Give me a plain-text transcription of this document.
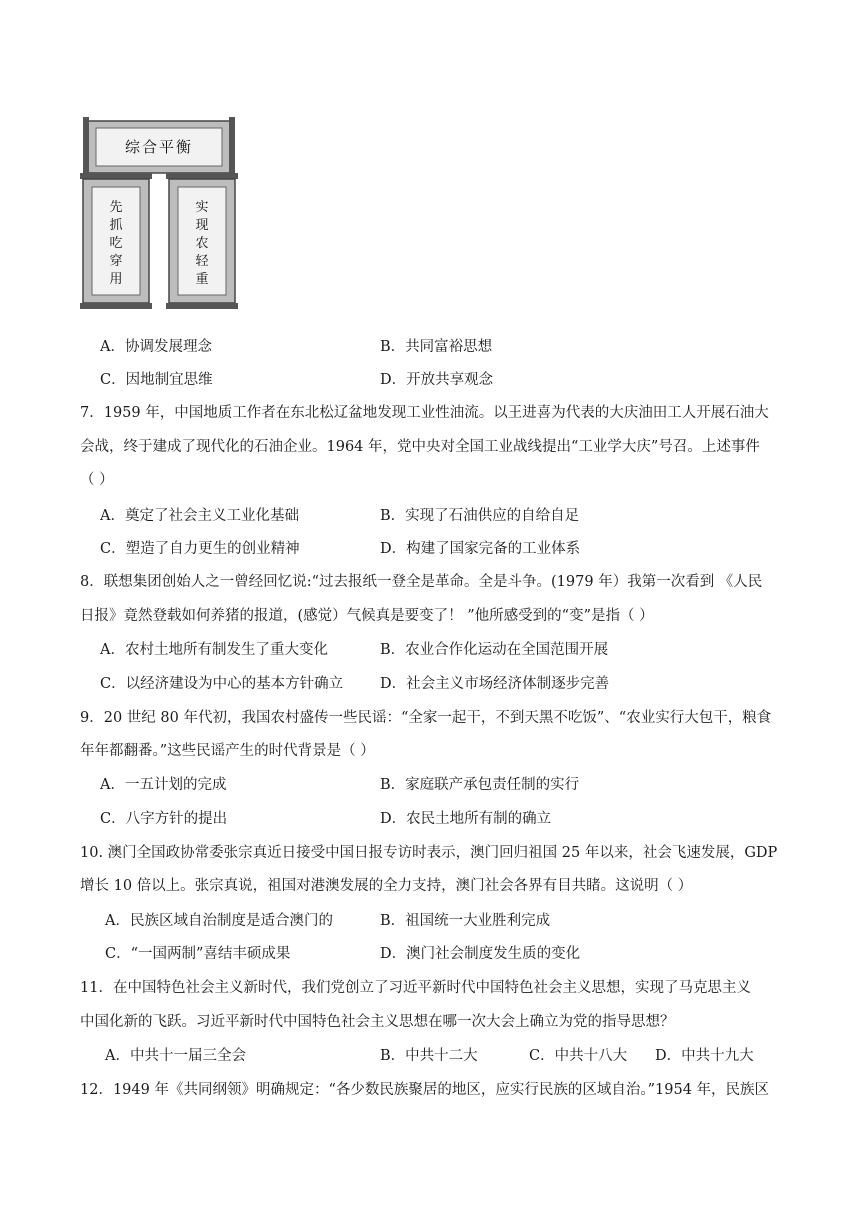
综合平衡
先
抓
吃
穿
用
实
现
农
轻
重
A．协调发展理念	B．共同富裕思想
C．因地制宜思维	D．开放共享观念
7．1959 年，中国地质工作者在东北松辽盆地发现工业性油流。以王进喜为代表的大庆油田工人开展石油大
会战，终于建成了现代化的石油企业。1964 年，党中央对全国工业战线提出“工业学大庆”号召。上述事件
（ ）
A．奠定了社会主义工业化基础	B．实现了石油供应的自给自足
C．塑造了自力更生的创业精神	D．构建了国家完备的工业体系
8．联想集团创始人之一曾经回忆说:“过去报纸一登全是革命。全是斗争。(1979 年）我第一次看到 《人民
日报》竟然登载如何养猪的报道，(感觉）气候真是要变了！ ”他所感受到的“变”是指（ ）
A．农村土地所有制发生了重大变化	B．农业合作化运动在全国范围开展
C．以经济建设为中心的基本方针确立	D．社会主义市场经济体制逐步完善
9．20 世纪 80 年代初，我国农村盛传一些民谣：“全家一起干，不到天黑不吃饭”、“农业实行大包干，粮食
年年都翻番。”这些民谣产生的时代背景是（ ）
A．一五计划的完成	B．家庭联产承包责任制的实行
C．八字方针的提出	D．农民土地所有制的确立
10. 澳门全国政协常委张宗真近日接受中国日报专访时表示，澳门回归祖国 25 年以来，社会飞速发展，GDP
增长 10 倍以上。张宗真说，祖国对港澳发展的全力支持，澳门社会各界有目共睹。这说明（ ）
A．民族区域自治制度是适合澳门的	B．祖国统一大业胜利完成
C．“一国两制”喜结丰硕成果	D．澳门社会制度发生质的变化
11．在中国特色社会主义新时代，我们党创立了习近平新时代中国特色社会主义思想，实现了马克思主义
中国化新的飞跃。习近平新时代中国特色社会主义思想在哪一次大会上确立为党的指导思想？
A．中共十一届三全会	B．中共十二大	C．中共十八大 D．中共十九大
12．1949 年《共同纲领》明确规定：“各少数民族聚居的地区，应实行民族的区域自治。”1954 年，民族区
